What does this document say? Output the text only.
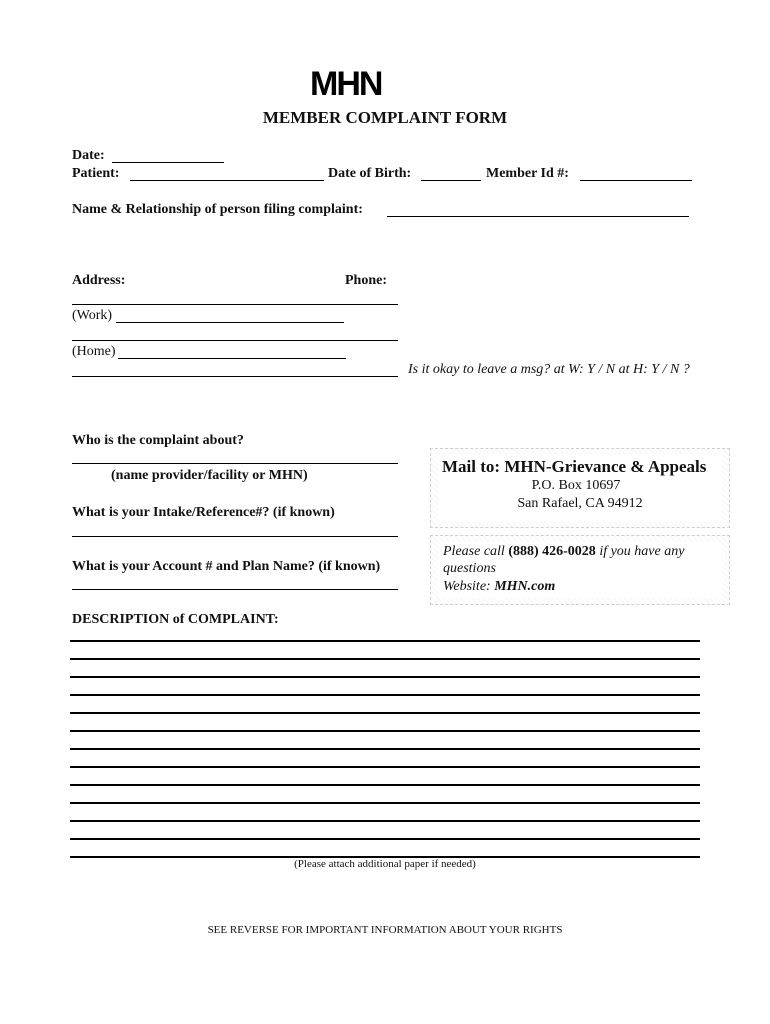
MHN
MEMBER COMPLAINT FORM
Date:
Patient:	Date of Birth:	Member Id #:
Name & Relationship of person filing complaint:
Address:	Phone:
(Work)
(Home)
Is it okay to leave a msg? at W: Y / N at H: Y / N ?
Who is the complaint about?
(name provider/facility or MHN)
What is your Intake/Reference#? (if known)
What is your Account # and Plan Name? (if known)
Mail to: MHN-Grievance & Appeals
P.O. Box 10697
San Rafael, CA 94912
Please call (888) 426-0028 if you have any
questions
Website: MHN.com
DESCRIPTION of COMPLAINT:
(Please attach additional paper if needed)
SEE REVERSE FOR IMPORTANT INFORMATION ABOUT YOUR RIGHTS
